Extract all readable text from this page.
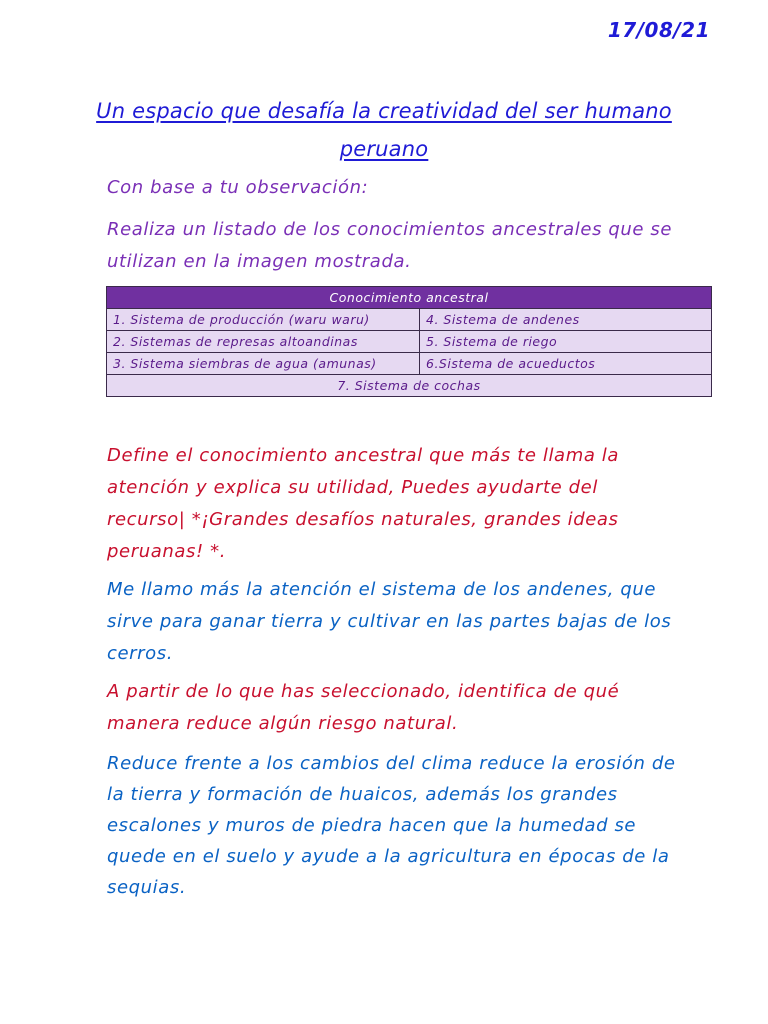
17/08/21
Un espacio que desafía la creatividad del ser humano peruano
Con base a tu observación:
Realiza un listado de los conocimientos ancestrales que se utilizan en la imagen mostrada.
Conocimiento ancestral	
1. Sistema de producción (waru waru)	4. Sistema de andenes
2. Sistemas de represas altoandinas	5. Sistema de riego
3. Sistema siembras de agua (amunas)	6.Sistema de acueductos
7. Sistema de cochas	
Define el conocimiento ancestral que más te llama la atención y explica su utilidad, Puedes ayudarte del recurso| *¡Grandes desafíos naturales, grandes ideas peruanas! *.
Me llamo más la atención el sistema de los andenes, que sirve para ganar tierra y cultivar en las partes bajas de los cerros.
A partir de lo que has seleccionado, identifica de qué manera reduce algún riesgo natural.
Reduce frente a los cambios del clima reduce la erosión de la tierra y formación de huaicos, además los grandes escalones y muros de piedra hacen que la humedad se quede en el suelo y ayude a la agricultura en épocas de la sequias.
